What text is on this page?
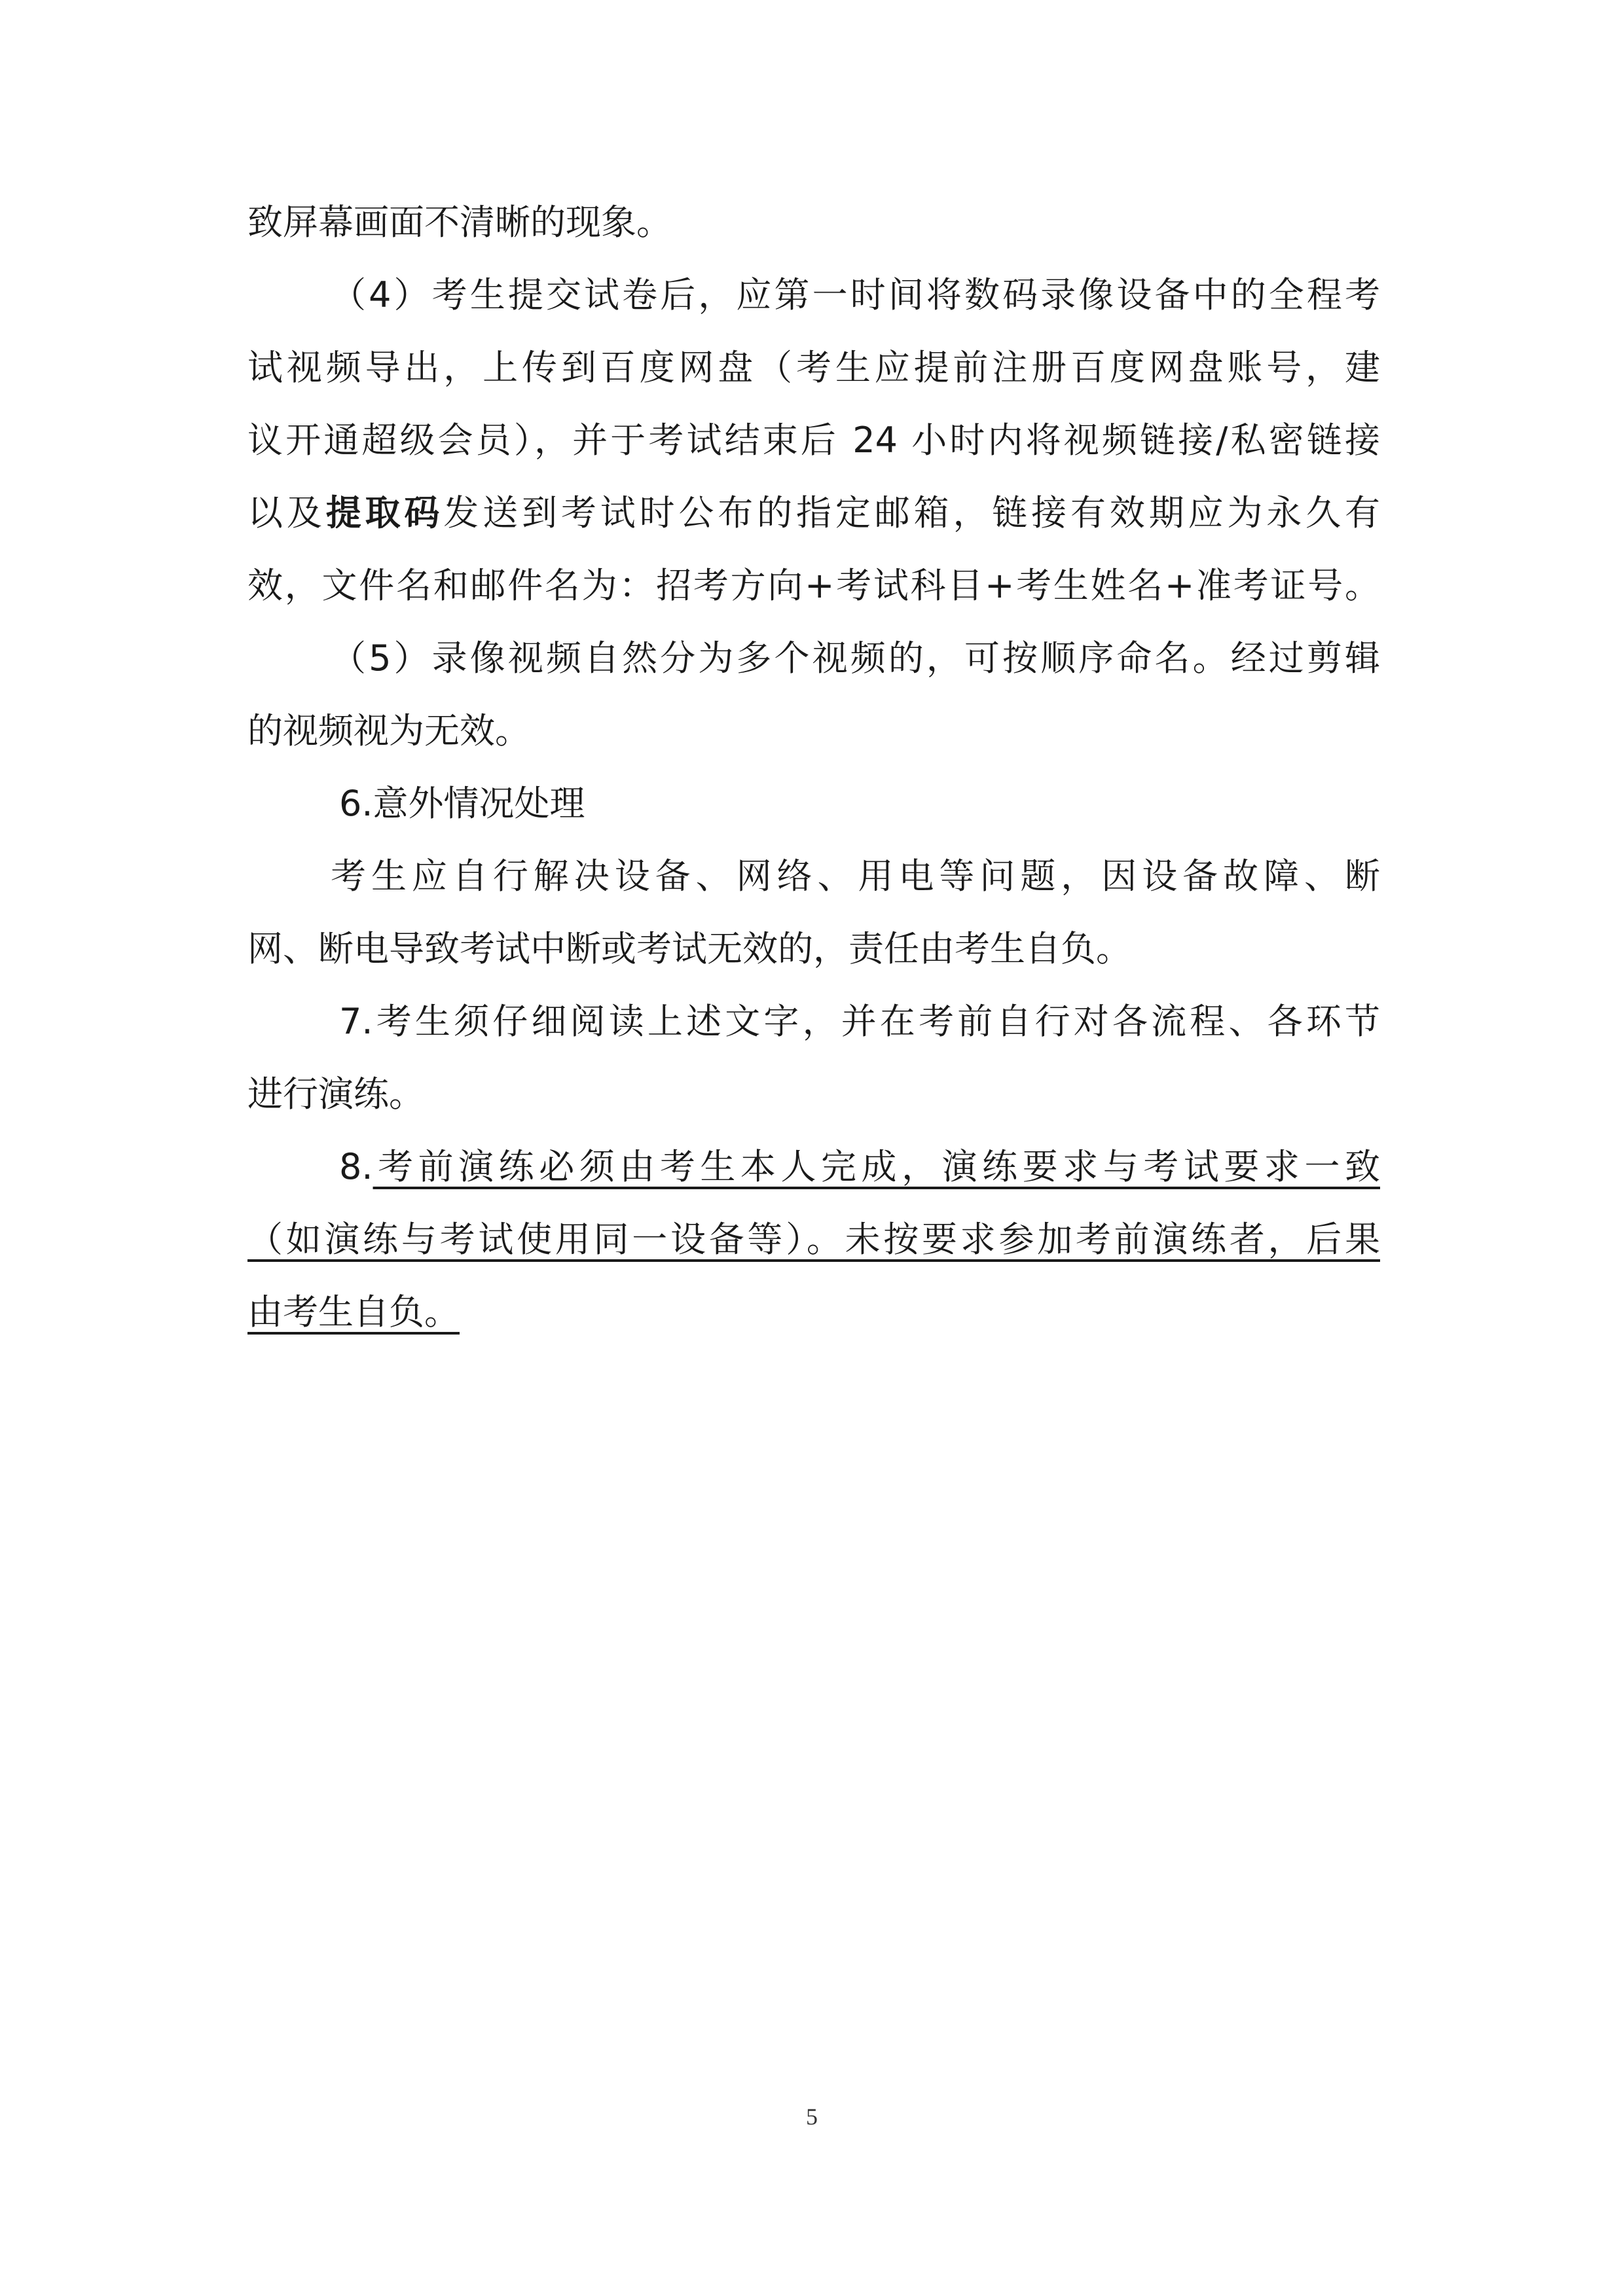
致屏幕画面不清晰的现象。
（4）考生提交试卷后，应第一时间将数码录像设备中的全程考
试视频导出，上传到百度网盘（考生应提前注册百度网盘账号，建
议开通超级会员），并于考试结束后 24 小时内将视频链接/私密链接
以及提取码发送到考试时公布的指定邮箱，链接有效期应为永久有
效，文件名和邮件名为：招考方向+考试科目+考生姓名+准考证号。
（5）录像视频自然分为多个视频的，可按顺序命名。经过剪辑
的视频视为无效。
6.意外情况处理
考生应自行解决设备、网络、用电等问题，因设备故障、断
网、断电导致考试中断或考试无效的，责任由考生自负。
7.考生须仔细阅读上述文字，并在考前自行对各流程、各环节
进行演练。
8.考前演练必须由考生本人完成，演练要求与考试要求一致
（如演练与考试使用同一设备等）。未按要求参加考前演练者，后果
由考生自负。
5
